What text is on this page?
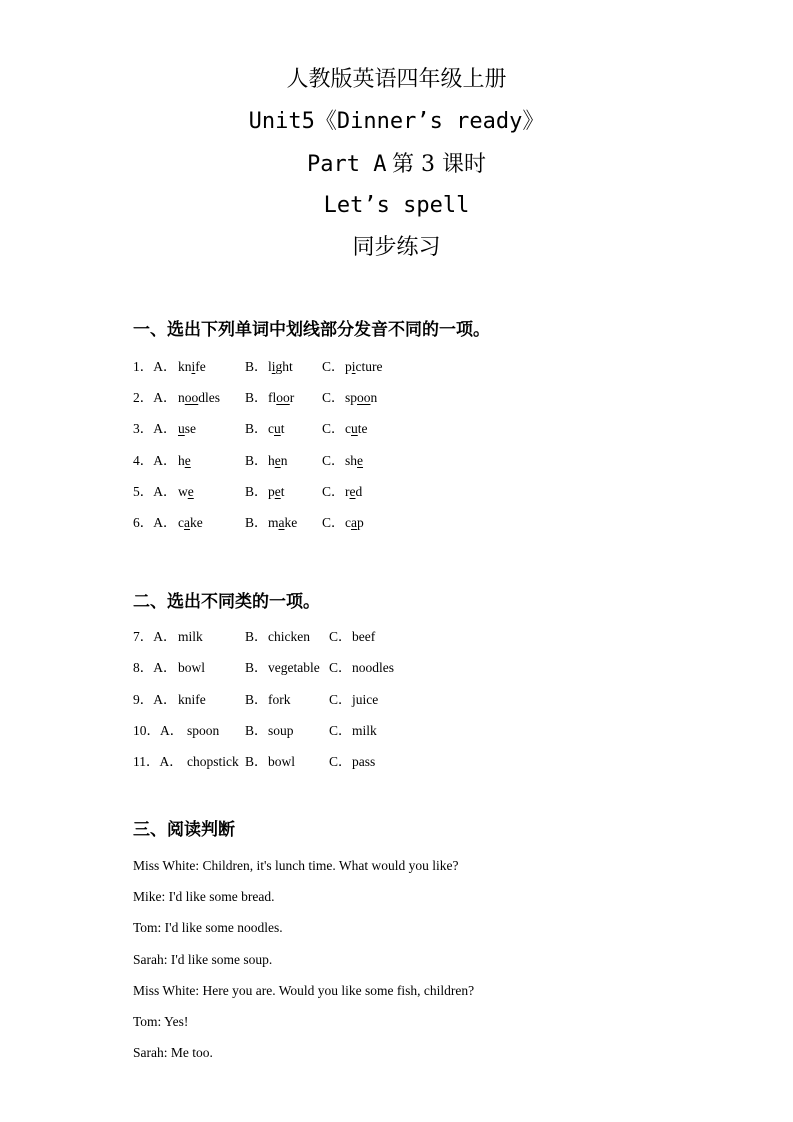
人教版英语四年级上册
Unit5《Dinner’s ready》
Part A 第 3 课时
Let’s spell
同步练习
一、选出下列单词中划线部分发音不同的一项。
1．A． knife	B． light C． picture
2．A． noodles B． floor C． spoon
3．A． use	B． cut	C． cute
4．A． he	B． hen	C． she
5．A． we	B． pet	C． red
6．A． cake	B． make C． cap
二、选出不同类的一项。
7．A． milk	B． chicken C． beef
8．A． bowl	B． vegetable C． noodles
9．A． knife	B． fork	C． juice
10．A． spoon B． soup	C． milk
11．A． chopstick B． bowl	C． pass
三、阅读判断
Miss White: Children, it's lunch time. What would you like?
Mike: I'd like some bread.
Tom: I'd like some noodles.
Sarah: I'd like some soup.
Miss White: Here you are. Would you like some fish, children?
Tom: Yes!
Sarah: Me too.
